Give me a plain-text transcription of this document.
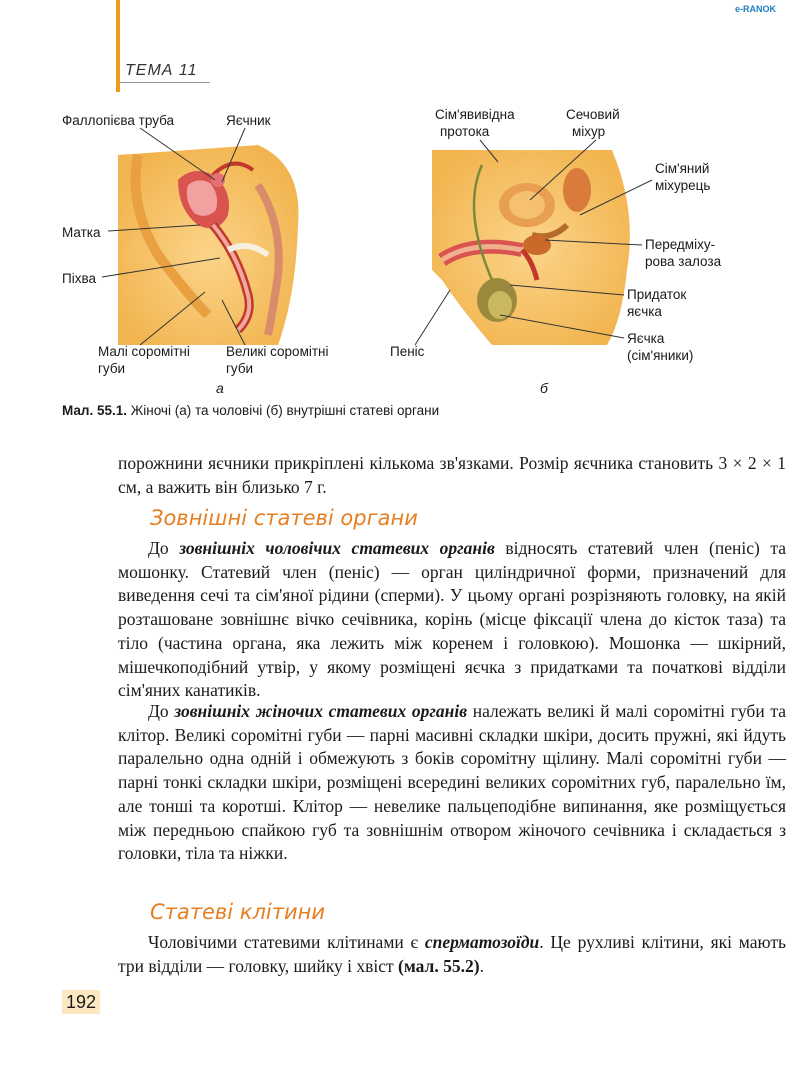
ТЕМА 11
e-RANOK
Фаллопієва труба	Яєчник
Матка
Піхва
Малі соромітні
губи
Великі соромітні
губи
а
Сім'явивідна
протока
Сечовий
міхур
Сім'яний
міхурець
Передміху-
рова залоза
Придаток
яєчка
Яєчка
(сім'яники)
Пеніс
б
Мал. 55.1. Жіночі (а) та чоловічі (б) внутрішні статеві органи
порожнини яєчники прикріплені кількома зв'язками. Розмір яєчника становить 3 × 2 × 1 см, а важить він близько 7 г.
Зовнішні статеві органи
До зовнішніх чоловічих статевих органів відносять статевий член (пеніс) та мошонку. Статевий член (пеніс) — орган циліндричної форми, призначений для виведення сечі та сім'яної рідини (сперми). У цьому органі розрізняють головку, на якій розташоване зовнішнє вічко сечівника, корінь (місце фіксації члена до кісток таза) та тіло (частина органа, яка лежить між коренем і головкою). Мошонка — шкірний, мішечкоподібний утвір, у якому розміщені яєчка з придатками та початкові відділи сім'яних канатиків.
До зовнішніх жіночих статевих органів належать великі й малі соромітні губи та клітор. Великі соромітні губи — парні масивні складки шкіри, досить пружні, які йдуть паралельно одна одній і обмежують з боків соромітну щілину. Малі соромітні губи — парні тонкі складки шкіри, розміщені всередині великих соромітних губ, паралельно їм, але тонші та коротші. Клітор — невелике пальцеподібне випинання, яке розміщується між передньою спайкою губ та зовнішнім отвором жіночого сечівника і складається з головки, тіла та ніжки.
Статеві клітини
Чоловічими статевими клітинами є сперматозоїди. Це рухливі клітини, які мають три відділи — головку, шийку і хвіст (мал. 55.2).
192
